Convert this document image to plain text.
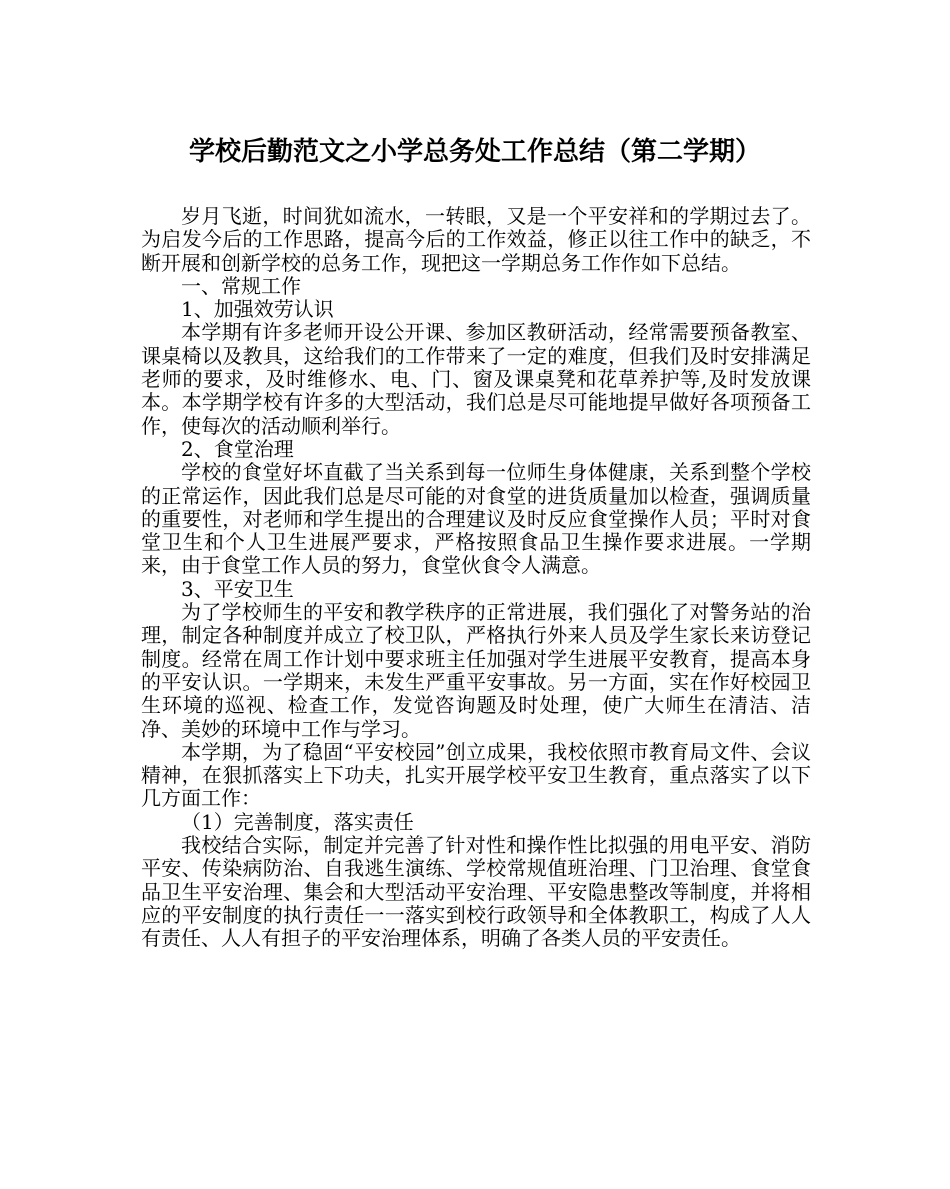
学校后勤范文之小学总务处工作总结（第二学期）

岁月飞逝，时间犹如流水，一转眼，又是一个平安祥和的学期过去了。为启发今后的工作思路，提高今后的工作效益，修正以往工作中的缺乏，不断开展和创新学校的总务工作，现把这一学期总务工作作如下总结。

一、常规工作

1、加强效劳认识

本学期有许多老师开设公开课、参加区教研活动，经常需要预备教室、课桌椅以及教具，这给我们的工作带来了一定的难度，但我们及时安排满足老师的要求，及时维修水、电、门、窗及课桌凳和花草养护等,及时发放课本。本学期学校有许多的大型活动，我们总是尽可能地提早做好各项预备工作，使每次的活动顺利举行。

2、食堂治理

学校的食堂好坏直截了当关系到每一位师生身体健康，关系到整个学校的正常运作，因此我们总是尽可能的对食堂的进货质量加以检查，强调质量的重要性，对老师和学生提出的合理建议及时反应食堂操作人员；平时对食堂卫生和个人卫生进展严要求，严格按照食品卫生操作要求进展。一学期来，由于食堂工作人员的努力，食堂伙食令人满意。

3、平安卫生

为了学校师生的平安和教学秩序的正常进展，我们强化了对警务站的治理，制定各种制度并成立了校卫队，严格执行外来人员及学生家长来访登记制度。经常在周工作计划中要求班主任加强对学生进展平安教育，提高本身的平安认识。一学期来，未发生严重平安事故。另一方面，实在作好校园卫生环境的巡视、检查工作，发觉咨询题及时处理，使广大师生在清洁、洁净、美妙的环境中工作与学习。

本学期，为了稳固“平安校园”创立成果，我校依照市教育局文件、会议精神，在狠抓落实上下功夫，扎实开展学校平安卫生教育，重点落实了以下几方面工作：

（1）完善制度，落实责任

我校结合实际，制定并完善了针对性和操作性比拟强的用电平安、消防平安、传染病防治、自我逃生演练、学校常规值班治理、门卫治理、食堂食品卫生平安治理、集会和大型活动平安治理、平安隐患整改等制度，并将相应的平安制度的执行责任一一落实到校行政领导和全体教职工，构成了人人有责任、人人有担子的平安治理体系，明确了各类人员的平安责任。
